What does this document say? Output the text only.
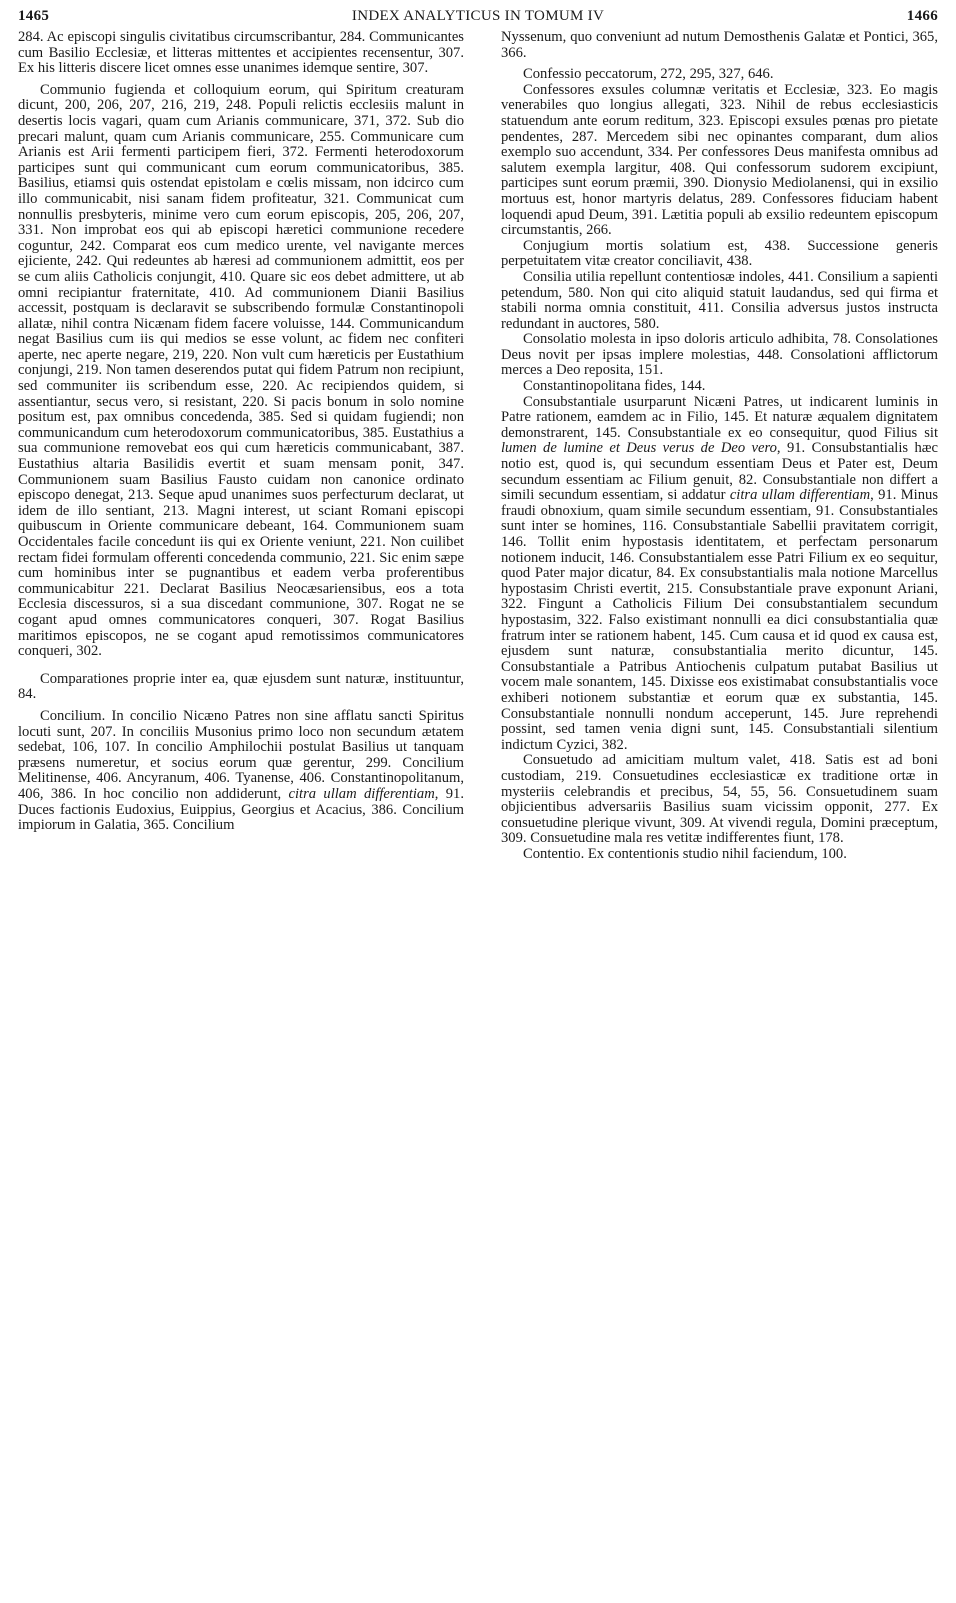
1465	INDEX ANALYTICUS IN TOMUM IV	1466

284. Ac episcopi singulis civitatibus circumscribantur, 284. Communicantes cum Basilio Ecclesiæ, et litteras mittentes et accipientes recensentur, 307. Ex his litteris discere licet omnes esse unanimes idemque sentire, 307.

Communio fugienda et colloquium eorum, qui Spiritum creaturam dicunt, 200, 206, 207, 216, 219, 248. Populi relictis ecclesiis malunt in desertis locis vagari, quam cum Arianis communicare, 371, 372. Sub dio precari malunt, quam cum Arianis communicare, 255. Communicare cum Arianis est Arii fermenti participem fieri, 372. Fermenti heterodoxorum participes sunt qui communicant cum eorum communicatoribus, 385. Basilius, etiamsi quis ostendat epistolam e cœlis missam, non idcirco cum illo communicabit, nisi sanam fidem profiteatur, 321. Communicat cum nonnullis presbyteris, minime vero cum eorum episcopis, 205, 206, 207, 331. Non improbat eos qui ab episcopi hæretici communione recedere coguntur, 242. Comparat eos cum medico urente, vel navigante merces ejiciente, 242. Qui redeuntes ab hæresi ad communionem admittit, eos per se cum aliis Catholicis conjungit, 410. Quare sic eos debet admittere, ut ab omni recipiantur fraternitate, 410. Ad communionem Dianii Basilius accessit, postquam is declaravit se subscribendo formulæ Constantinopoli allatæ, nihil contra Nicænam fidem facere voluisse, 144. Communicandum negat Basilius cum iis qui medios se esse volunt, ac fidem nec confiteri aperte, nec aperte negare, 219, 220. Non vult cum hæreticis per Eustathium conjungi, 219. Non tamen deserendos putat qui fidem Patrum non recipiunt, sed communiter iis scribendum esse, 220. Ac recipiendos quidem, si assentiantur, secus vero, si resistant, 220. Si pacis bonum in solo nomine positum est, pax omnibus concedenda, 385. Sed si quidam fugiendi; non communicandum cum heterodoxorum communicatoribus, 385. Eustathius a sua communione removebat eos qui cum hæreticis communicabant, 387. Eustathius altaria Basilidis evertit et suam mensam ponit, 347. Communionem suam Basilius Fausto cuidam non canonice ordinato episcopo denegat, 213. Seque apud unanimes suos perfecturum declarat, ut idem de illo sentiant, 213. Magni interest, ut sciant Romani episcopi quibuscum in Oriente communicare debeant, 164. Communionem suam Occidentales facile concedunt iis qui ex Oriente veniunt, 221. Non cuilibet rectam fidei formulam offerenti concedenda communio, 221. Sic enim sæpe cum hominibus inter se pugnantibus et eadem verba proferentibus communicabitur 221. Declarat Basilius Neocæsariensibus, eos a tota Ecclesia discessuros, si a sua discedant communione, 307. Rogat ne se cogant apud omnes communicatores conqueri, 307. Rogat Basilius maritimos episcopos, ne se cogant apud remotissimos communicatores conqueri, 302.

Comparationes proprie inter ea, quæ ejusdem sunt naturæ, instituuntur, 84.

Concilium. In concilio Nicæno Patres non sine afflatu sancti Spiritus locuti sunt, 207. In conciliis Musonius primo loco non secundum ætatem sedebat, 106, 107. In concilio Amphilochii postulat Basilius ut tanquam præsens numeretur, et socius eorum quæ gerentur, 299. Concilium Melitinense, 406. Ancyranum, 406. Tyanense, 406. Constantinopolitanum, 406, 386. In hoc concilio non addiderunt, citra ullam differentiam, 91. Duces factionis Eudoxius, Euippius, Georgius et Acacius, 386. Concilium impiorum in Galatia, 365. Concilium

Nyssenum, quo conveniunt ad nutum Demosthenis Galatæ et Pontici, 365, 366.

Confessio peccatorum, 272, 295, 327, 646.

Confessores exsules columnæ veritatis et Ecclesiæ, 323. Eo magis venerabiles quo longius allegati, 323. Nihil de rebus ecclesiasticis statuendum ante eorum reditum, 323. Episcopi exsules pœnas pro pietate pendentes, 287. Mercedem sibi nec opinantes comparant, dum alios exemplo suo accendunt, 334. Per confessores Deus manifesta omnibus ad salutem exempla largitur, 408. Qui confessorum sudorem excipiunt, participes sunt eorum præmii, 390. Dionysio Mediolanensi, qui in exsilio mortuus est, honor martyris delatus, 289. Confessores fiduciam habent loquendi apud Deum, 391. Lætitia populi ab exsilio redeuntem episcopum circumstantis, 266.

Conjugium mortis solatium est, 438. Successione generis perpetuitatem vitæ creator conciliavit, 438.

Consilia utilia repellunt contentiosæ indoles, 441. Consilium a sapienti petendum, 580. Non qui cito aliquid statuit laudandus, sed qui firma et stabili norma omnia constituit, 411. Consilia adversus justos instructa redundant in auctores, 580.

Consolatio molesta in ipso doloris articulo adhibita, 78. Consolationes Deus novit per ipsas implere molestias, 448. Consolationi afflictorum merces a Deo reposita, 151.

Constantinopolitana fides, 144.

Consubstantiale usurparunt Nicæni Patres, ut indicarent luminis in Patre rationem, eamdem ac in Filio, 145. Et naturæ æqualem dignitatem demonstrarent, 145. Consubstantiale ex eo consequitur, quod Filius sit lumen de lumine et Deus verus de Deo vero, 91. Consubstantialis hæc notio est, quod is, qui secundum essentiam Deus et Pater est, Deum secundum essentiam ac Filium genuit, 82. Consubstantiale non differt a simili secundum essentiam, si addatur citra ullam differentiam, 91. Minus fraudi obnoxium, quam simile secundum essentiam, 91. Consubstantiales sunt inter se homines, 116. Consubstantiale Sabellii pravitatem corrigit, 146. Tollit enim hypostasis identitatem, et perfectam personarum notionem inducit, 146. Consubstantialem esse Patri Filium ex eo sequitur, quod Pater major dicatur, 84. Ex consubstantialis mala notione Marcellus hypostasim Christi evertit, 215. Consubstantiale prave exponunt Ariani, 322. Fingunt a Catholicis Filium Dei consubstantialem secundum hypostasim, 322. Falso existimant nonnulli ea dici consubstantialia quæ fratrum inter se rationem habent, 145. Cum causa et id quod ex causa est, ejusdem sunt naturæ, consubstantialia merito dicuntur, 145. Consubstantiale a Patribus Antiochenis culpatum putabat Basilius ut vocem male sonantem, 145. Dixisse eos existimabat consubstantialis voce exhiberi notionem substantiæ et eorum quæ ex substantia, 145. Consubstantiale nonnulli nondum acceperunt, 145. Jure reprehendi possint, sed tamen venia digni sunt, 145. Consubstantiali silentium indictum Cyzici, 382.

Consuetudo ad amicitiam multum valet, 418. Satis est ad boni custodiam, 219. Consuetudines ecclesiasticæ ex traditione ortæ in mysteriis celebrandis et precibus, 54, 55, 56. Consuetudinem suam objicientibus adversariis Basilius suam vicissim opponit, 277. Ex consuetudine plerique vivunt, 309. At vivendi regula, Domini præceptum, 309. Consuetudine mala res vetitæ indifferentes fiunt, 178.

Contentio. Ex contentionis studio nihil faciendum, 100.
